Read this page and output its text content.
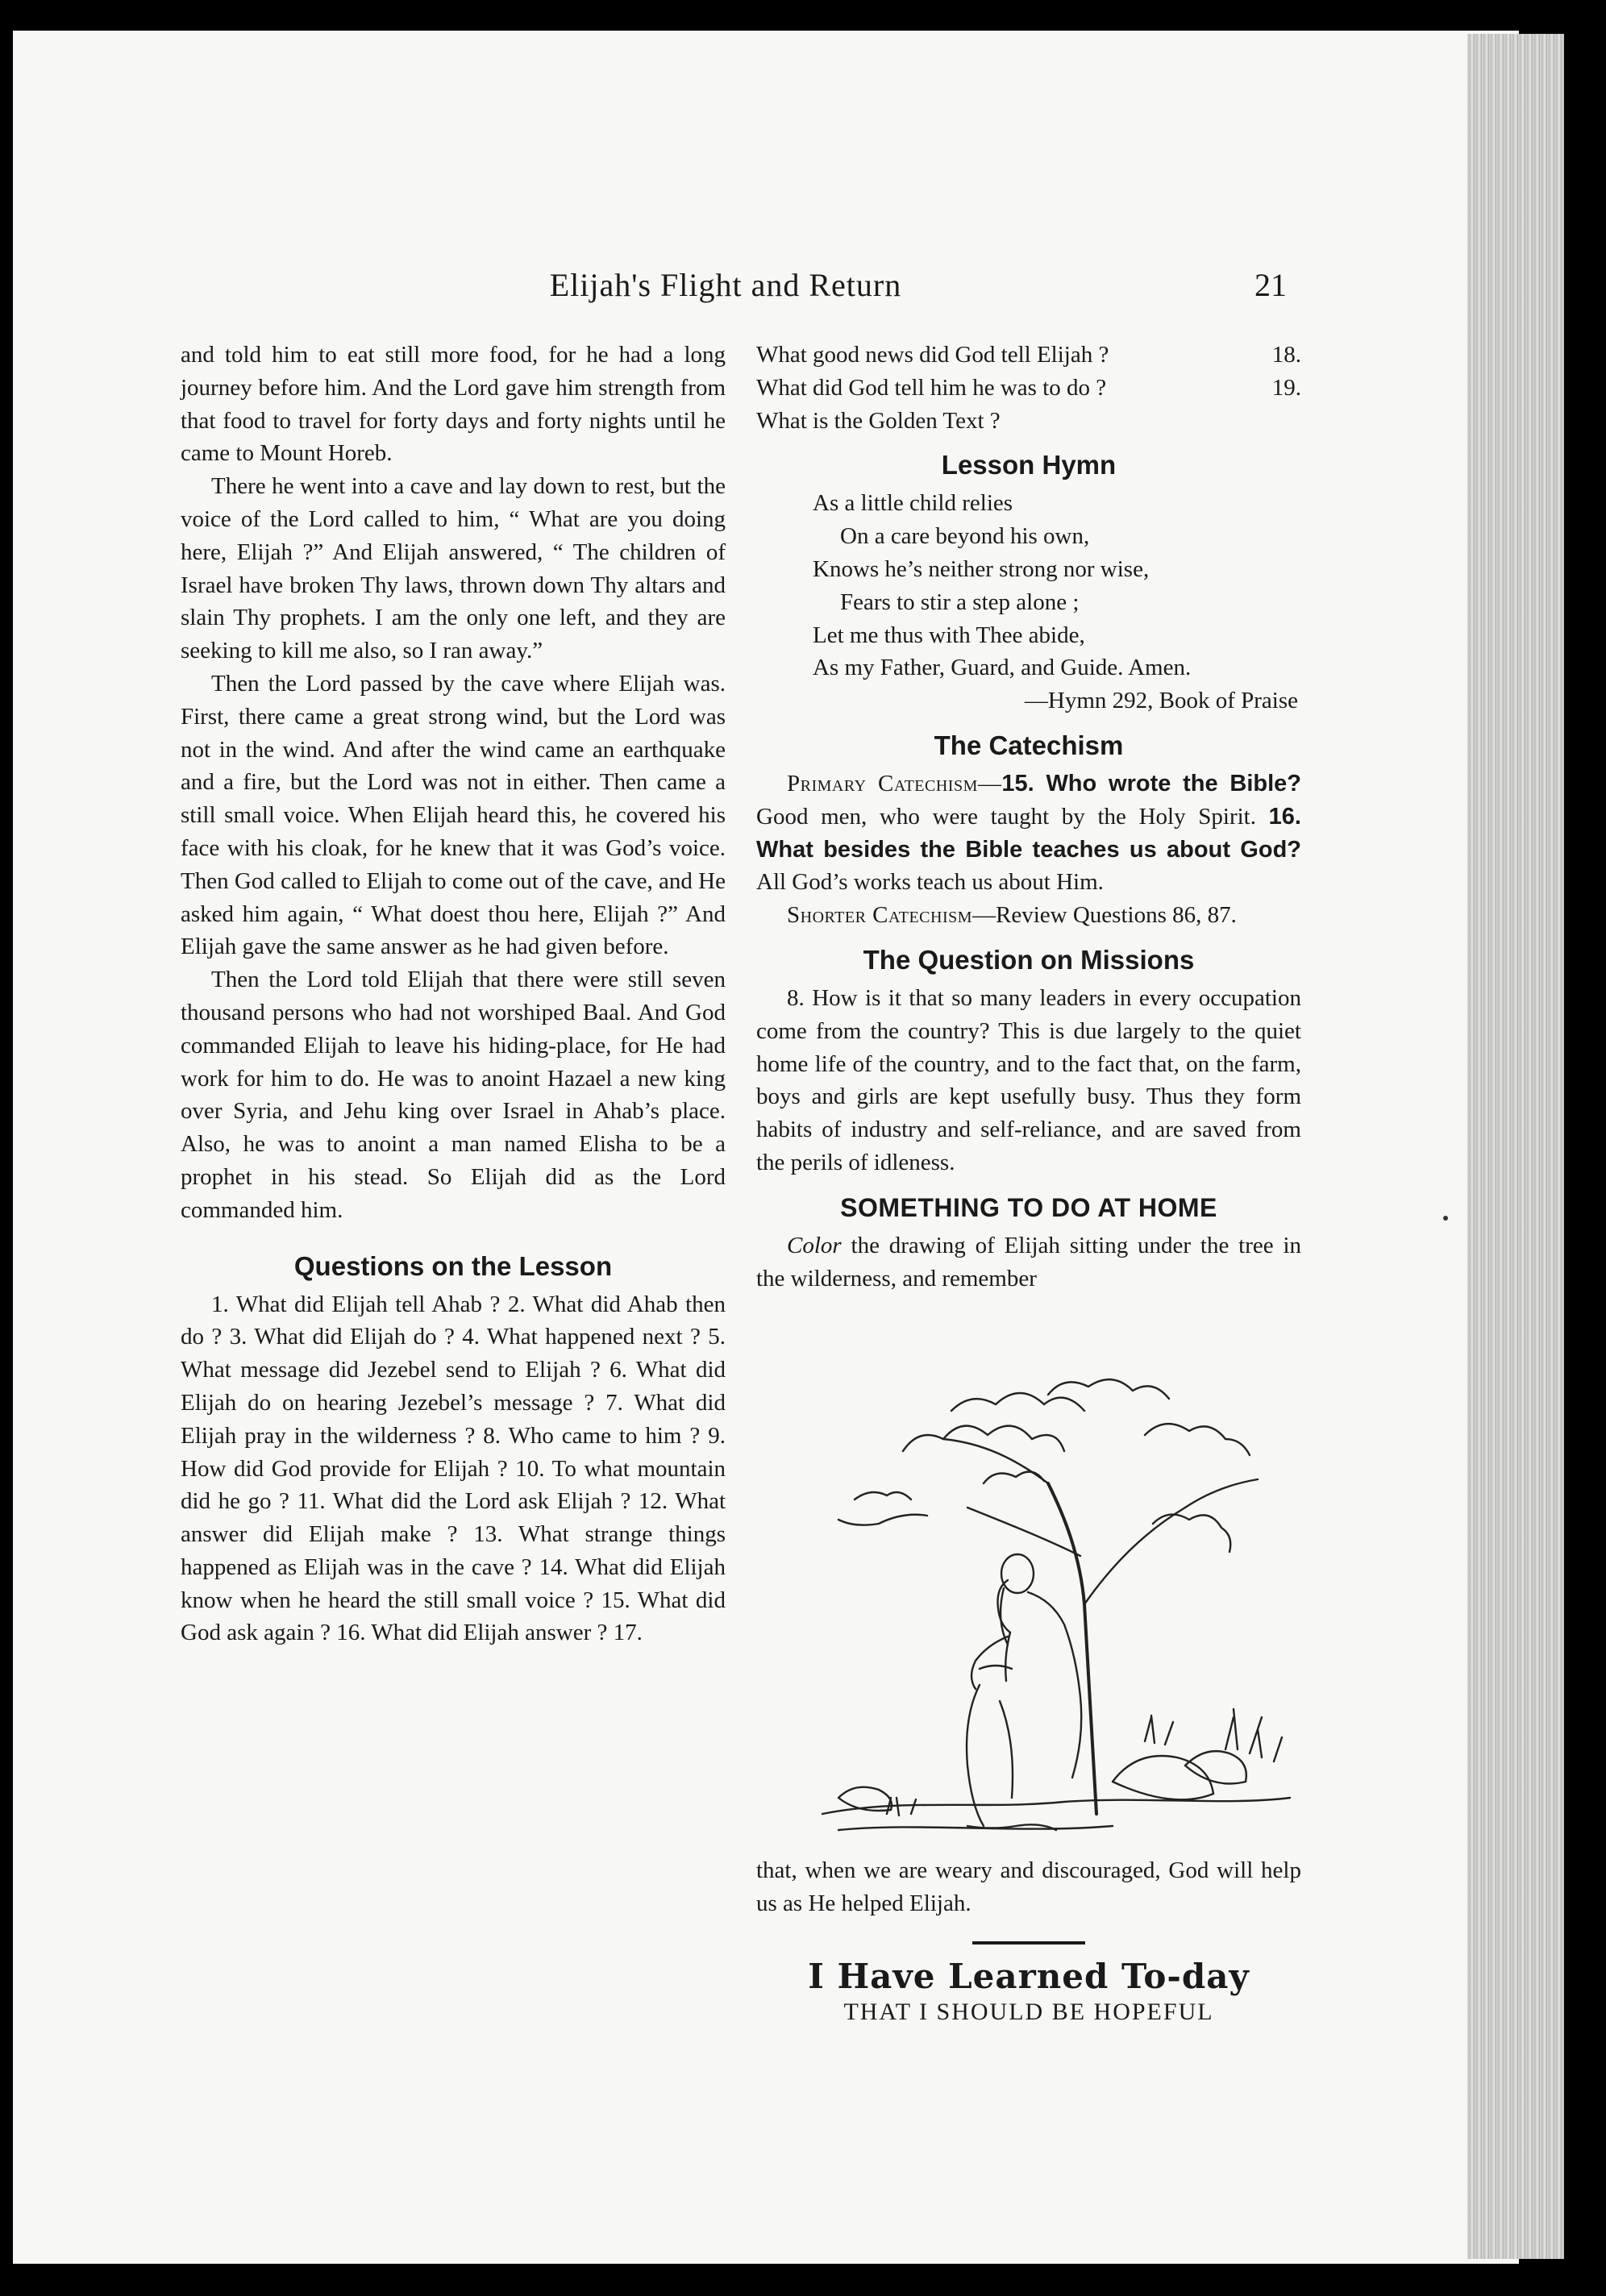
Elijah's Flight and Return	21

and told him to eat still more food, for he had a long journey before him. And the Lord gave him strength from that food to travel for forty days and forty nights until he came to Mount Horeb.

There he went into a cave and lay down to rest, but the voice of the Lord called to him, “ What are you doing here, Elijah ?” And Elijah answered, “ The children of Israel have broken Thy laws, thrown down Thy altars and slain Thy prophets. I am the only one left, and they are seeking to kill me also, so I ran away.”

Then the Lord passed by the cave where Elijah was. First, there came a great strong wind, but the Lord was not in the wind. And after the wind came an earthquake and a fire, but the Lord was not in either. Then came a still small voice. When Elijah heard this, he covered his face with his cloak, for he knew that it was God’s voice. Then God called to Elijah to come out of the cave, and He asked him again, “ What doest thou here, Elijah ?” And Elijah gave the same answer as he had given before.

Then the Lord told Elijah that there were still seven thousand persons who had not worshiped Baal. And God commanded Elijah to leave his hiding-place, for He had work for him to do. He was to anoint Hazael a new king over Syria, and Jehu king over Israel in Ahab’s place. Also, he was to anoint a man named Elisha to be a prophet in his stead. So Elijah did as the Lord commanded him.

Questions on the Lesson

1. What did Elijah tell Ahab ? 2. What did Ahab then do ? 3. What did Elijah do ? 4. What happened next ? 5. What message did Jezebel send to Elijah ? 6. What did Elijah do on hearing Jezebel’s message ? 7. What did Elijah pray in the wilderness ? 8. Who came to him ? 9. How did God provide for Elijah ? 10. To what mountain did he go ? 11. What did the Lord ask Elijah ? 12. What answer did Elijah make ? 13. What strange things happened as Elijah was in the cave ? 14. What did Elijah know when he heard the still small voice ? 15. What did God ask again ? 16. What did Elijah answer ? 17.

What good news did God tell Elijah ?	18.
What did God tell him he was to do ?	19.
What is the Golden Text ?
Lesson Hymn
As a little child relies
On a care beyond his own,
Knows he’s neither strong nor wise,
Fears to stir a step alone ;
Let me thus with Thee abide,
As my Father, Guard, and Guide. Amen.
—Hymn 292, Book of Praise
The Catechism

Primary Catechism—15. Who wrote the Bible? Good men, who were taught by the Holy Spirit. 16. What besides the Bible teaches us about God? All God’s works teach us about Him.

Shorter Catechism—Review Questions 86, 87.

The Question on Missions

8. How is it that so many leaders in every occupation come from the country? This is due largely to the quiet home life of the country, and to the fact that, on the farm, boys and girls are kept usefully busy. Thus they form habits of industry and self-reliance, and are saved from the perils of idleness.

SOMETHING TO DO AT HOME

Color the drawing of Elijah sitting under the tree in the wilderness, and remember

that, when we are weary and discouraged, God will help us as He helped Elijah.

I Have Learned To-day
THAT I SHOULD BE HOPEFUL
